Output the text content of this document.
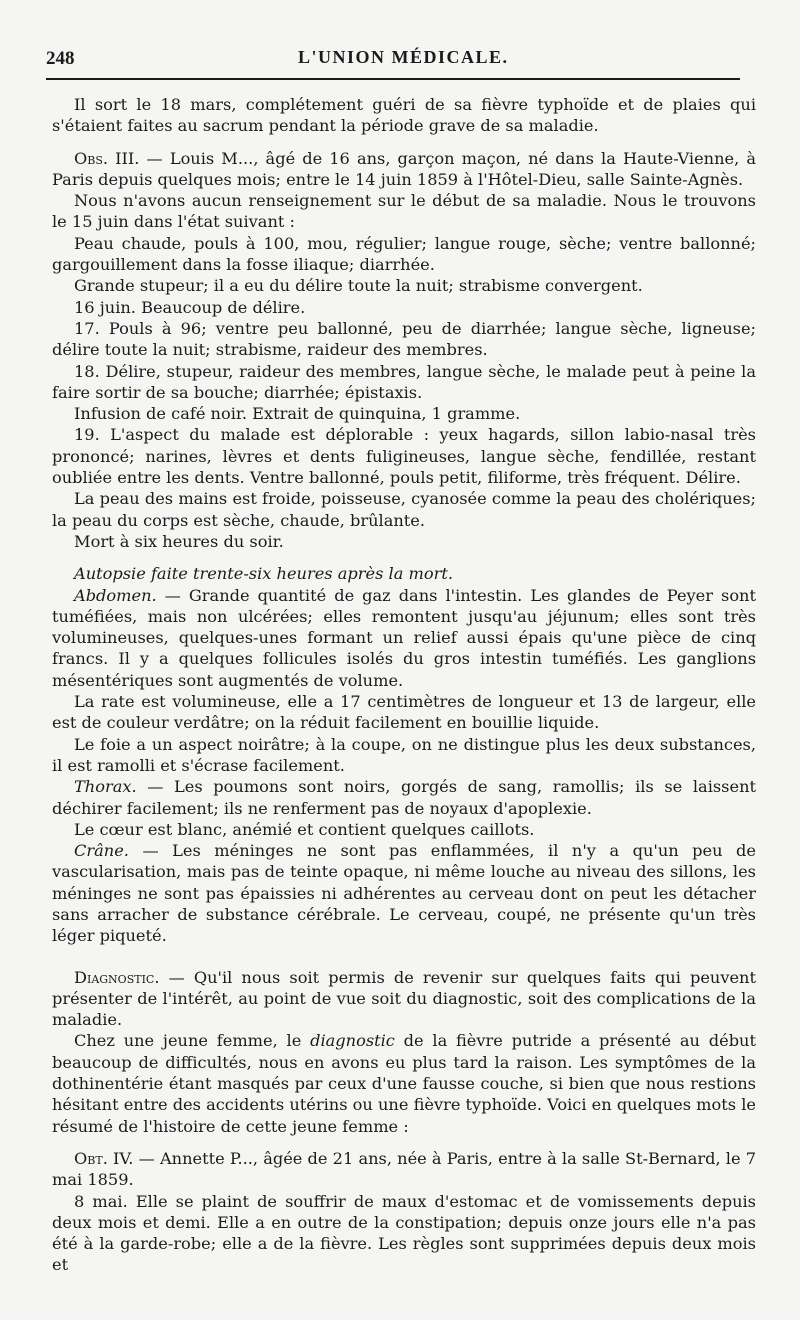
248	L'UNION MÉDICALE.

Il sort le 18 mars, complétement guéri de sa fièvre typhoïde et de plaies qui s'étaient faites au sacrum pendant la période grave de sa maladie.

Obs. III. — Louis M..., âgé de 16 ans, garçon maçon, né dans la Haute-Vienne, à Paris depuis quelques mois; entre le 14 juin 1859 à l'Hôtel-Dieu, salle Sainte-Agnès.

Nous n'avons aucun renseignement sur le début de sa maladie. Nous le trouvons le 15 juin dans l'état suivant :

Peau chaude, pouls à 100, mou, régulier; langue rouge, sèche; ventre ballonné; gargouillement dans la fosse iliaque; diarrhée.

Grande stupeur; il a eu du délire toute la nuit; strabisme convergent.

16 juin. Beaucoup de délire.

17. Pouls à 96; ventre peu ballonné, peu de diarrhée; langue sèche, ligneuse; délire toute la nuit; strabisme, raideur des membres.

18. Délire, stupeur, raideur des membres, langue sèche, le malade peut à peine la faire sortir de sa bouche; diarrhée; épistaxis.

Infusion de café noir. Extrait de quinquina, 1 gramme.

19. L'aspect du malade est déplorable : yeux hagards, sillon labio-nasal très prononcé; narines, lèvres et dents fuligineuses, langue sèche, fendillée, restant oubliée entre les dents. Ventre ballonné, pouls petit, filiforme, très fréquent. Délire.

La peau des mains est froide, poisseuse, cyanosée comme la peau des cholériques; la peau du corps est sèche, chaude, brûlante.

Mort à six heures du soir.

Autopsie faite trente-six heures après la mort.

Abdomen. — Grande quantité de gaz dans l'intestin. Les glandes de Peyer sont tuméfiées, mais non ulcérées; elles remontent jusqu'au jéjunum; elles sont très volumineuses, quelques-unes formant un relief aussi épais qu'une pièce de cinq francs. Il y a quelques follicules isolés du gros intestin tuméfiés. Les ganglions mésentériques sont augmentés de volume.

La rate est volumineuse, elle a 17 centimètres de longueur et 13 de largeur, elle est de couleur verdâtre; on la réduit facilement en bouillie liquide.

Le foie a un aspect noirâtre; à la coupe, on ne distingue plus les deux substances, il est ramolli et s'écrase facilement.

Thorax. — Les poumons sont noirs, gorgés de sang, ramollis; ils se laissent déchirer facilement; ils ne renferment pas de noyaux d'apoplexie.

Le cœur est blanc, anémié et contient quelques caillots.

Crâne. — Les méninges ne sont pas enflammées, il n'y a qu'un peu de vascularisation, mais pas de teinte opaque, ni même louche au niveau des sillons, les méninges ne sont pas épaissies ni adhérentes au cerveau dont on peut les détacher sans arracher de substance cérébrale. Le cerveau, coupé, ne présente qu'un très léger piqueté.

Diagnostic. — Qu'il nous soit permis de revenir sur quelques faits qui peuvent présenter de l'intérêt, au point de vue soit du diagnostic, soit des complications de la maladie.

Chez une jeune femme, le diagnostic de la fièvre putride a présenté au début beaucoup de difficultés, nous en avons eu plus tard la raison. Les symptômes de la dothinentérie étant masqués par ceux d'une fausse couche, si bien que nous restions hésitant entre des accidents utérins ou une fièvre typhoïde. Voici en quelques mots le résumé de l'histoire de cette jeune femme :

Obt. IV. — Annette P..., âgée de 21 ans, née à Paris, entre à la salle St-Bernard, le 7 mai 1859.

8 mai. Elle se plaint de souffrir de maux d'estomac et de vomissements depuis deux mois et demi. Elle a en outre de la constipation; depuis onze jours elle n'a pas été à la garde-robe; elle a de la fièvre. Les règles sont supprimées depuis deux mois et
